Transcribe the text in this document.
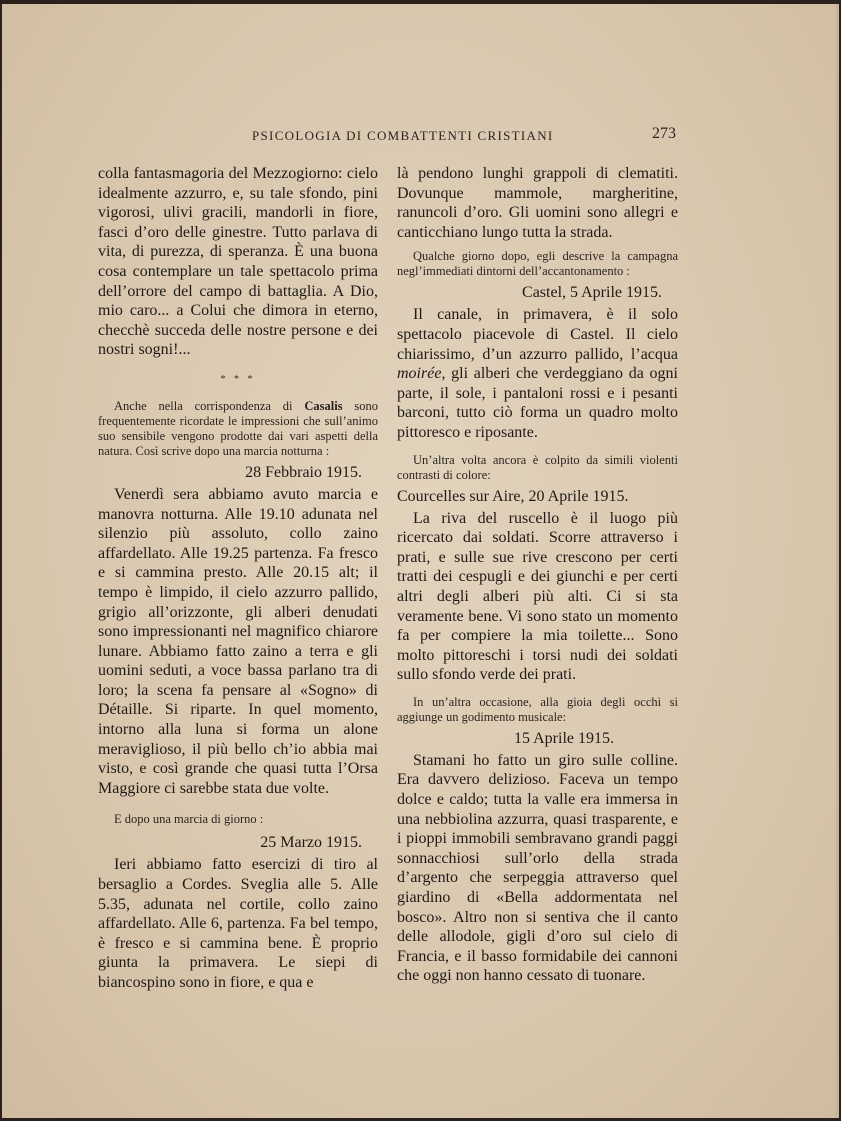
PSICOLOGIA DI COMBATTENTI CRISTIANI	273

colla fantasmagoria del Mezzogiorno: cielo idealmente azzurro, e, su tale sfondo, pini vigorosi, ulivi gracili, mandorli in fiore, fasci d’oro delle ginestre. Tutto parlava di vita, di purezza, di speranza. È una buona cosa contemplare un tale spettacolo prima dell’orrore del campo di battaglia. A Dio, mio caro... a Colui che dimora in eterno, checchè succeda delle nostre persone e dei nostri sogni!...

* * *

Anche nella corrispondenza di Casalis sono frequentemente ricordate le impressioni che sull’animo suo sensibile vengono prodotte dai vari aspetti della natura. Così scrive dopo una marcia notturna :

28 Febbraio 1915.

Venerdì sera abbiamo avuto marcia e manovra notturna. Alle 19.10 adunata nel silenzio più assoluto, collo zaino affardellato. Alle 19.25 partenza. Fa fresco e si cammina presto. Alle 20.15 alt; il tempo è limpido, il cielo azzurro pallido, grigio all’orizzonte, gli alberi denudati sono impressionanti nel magnifico chiarore lunare. Abbiamo fatto zaino a terra e gli uomini seduti, a voce bassa parlano tra di loro; la scena fa pensare al «Sogno» di Détaille. Si riparte. In quel momento, intorno alla luna si forma un alone meraviglioso, il più bello ch’io abbia mai visto, e così grande che quasi tutta l’Orsa Maggiore ci sarebbe stata due volte.

E dopo una marcia di giorno :

25 Marzo 1915.

Ieri abbiamo fatto esercizi di tiro al bersaglio a Cordes. Sveglia alle 5. Alle 5.35, adunata nel cortile, collo zaino affardellato. Alle 6, partenza. Fa bel tempo, è fresco e si cammina bene. È proprio giunta la primavera. Le siepi di biancospino sono in fiore, e qua e

là pendono lunghi grappoli di clematiti. Dovunque mammole, margheritine, ranuncoli d’oro. Gli uomini sono allegri e canticchiano lungo tutta la strada.

Qualche giorno dopo, egli descrive la campagna negl’immediati dintorni dell’accantonamento :

Castel, 5 Aprile 1915.

Il canale, in primavera, è il solo spettacolo piacevole di Castel. Il cielo chiarissimo, d’un azzurro pallido, l’acqua moirée, gli alberi che verdeggiano da ogni parte, il sole, i pantaloni rossi e i pesanti barconi, tutto ciò forma un quadro molto pittoresco e riposante.

Un’altra volta ancora è colpito da simili violenti contrasti di colore:

Courcelles sur Aire, 20 Aprile 1915.

La riva del ruscello è il luogo più ricercato dai soldati. Scorre attraverso i prati, e sulle sue rive crescono per certi tratti dei cespugli e dei giunchi e per certi altri degli alberi più alti. Ci si sta veramente bene. Vi sono stato un momento fa per compiere la mia toilette... Sono molto pittoreschi i torsi nudi dei soldati sullo sfondo verde dei prati.

In un’altra occasione, alla gioia degli occhi si aggiunge un godimento musicale:

15 Aprile 1915.

Stamani ho fatto un giro sulle colline. Era davvero delizioso. Faceva un tempo dolce e caldo; tutta la valle era immersa in una nebbiolina azzurra, quasi trasparente, e i pioppi immobili sembravano grandi paggi sonnacchiosi sull’orlo della strada d’argento che serpeggia attraverso quel giardino di «Bella addormentata nel bosco». Altro non si sentiva che il canto delle allodole, gigli d’oro sul cielo di Francia, e il basso formidabile dei cannoni che oggi non hanno cessato di tuonare.
